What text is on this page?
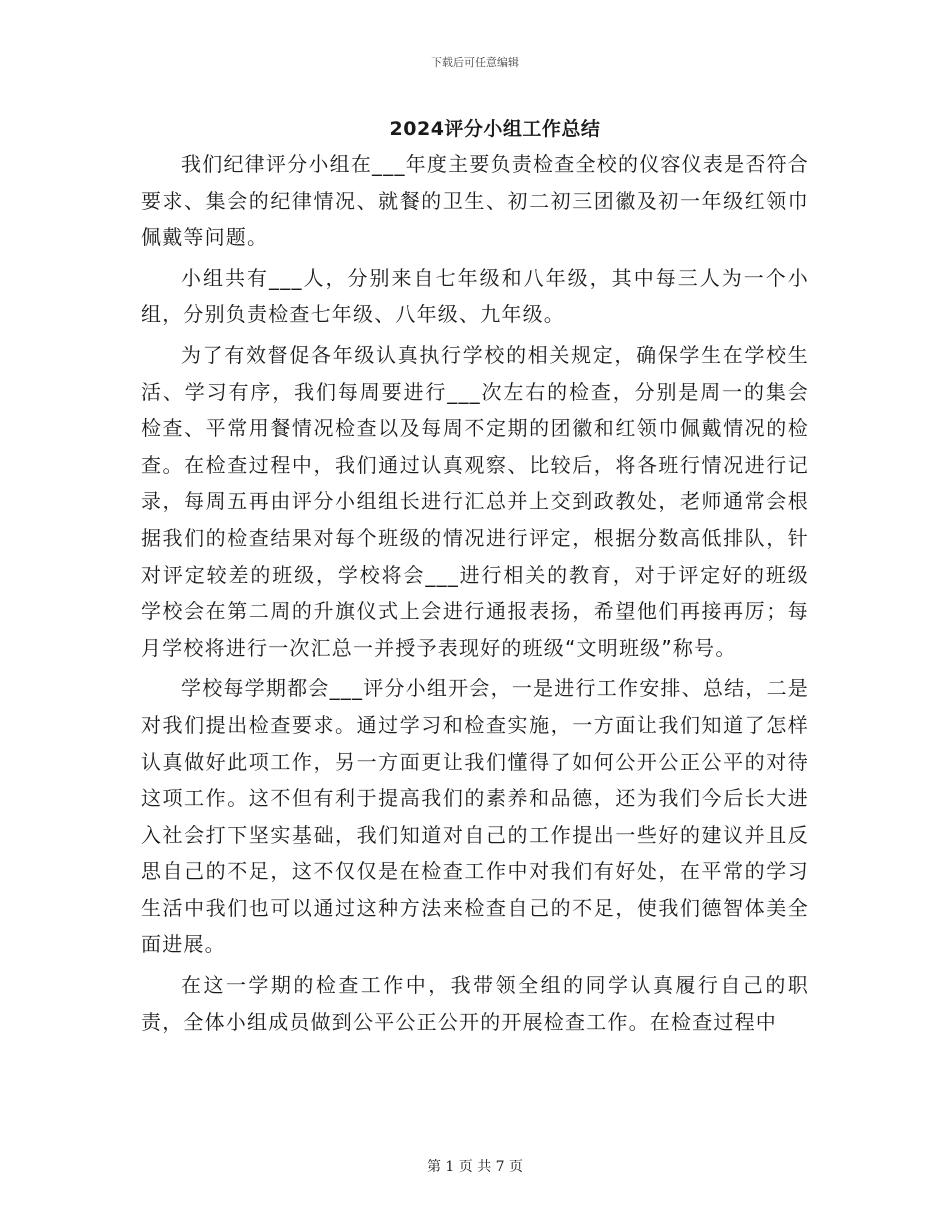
下载后可任意编辑
2024评分小组工作总结

我们纪律评分小组在___年度主要负责检查全校的仪容仪表是否符合要求、集会的纪律情况、就餐的卫生、初二初三团徽及初一年级红领巾佩戴等问题。

小组共有___人，分别来自七年级和八年级，其中每三人为一个小组，分别负责检查七年级、八年级、九年级。

为了有效督促各年级认真执行学校的相关规定，确保学生在学校生活、学习有序，我们每周要进行___次左右的检查，分别是周一的集会检查、平常用餐情况检查以及每周不定期的团徽和红领巾佩戴情况的检查。在检查过程中，我们通过认真观察、比较后，将各班行情况进行记录，每周五再由评分小组组长进行汇总并上交到政教处，老师通常会根据我们的检查结果对每个班级的情况进行评定，根据分数高低排队，针对评定较差的班级，学校将会___进行相关的教育，对于评定好的班级学校会在第二周的升旗仪式上会进行通报表扬，希望他们再接再厉；每月学校将进行一次汇总一并授予表现好的班级“文明班级”称号。

学校每学期都会___评分小组开会，一是进行工作安排、总结，二是对我们提出检查要求。通过学习和检查实施，一方面让我们知道了怎样认真做好此项工作，另一方面更让我们懂得了如何公开公正公平的对待这项工作。这不但有利于提高我们的素养和品德，还为我们今后长大进入社会打下坚实基础，我们知道对自己的工作提出一些好的建议并且反思自己的不足，这不仅仅是在检查工作中对我们有好处，在平常的学习生活中我们也可以通过这种方法来检查自己的不足，使我们德智体美全面进展。

在这一学期的检查工作中，我带领全组的同学认真履行自己的职责，全体小组成员做到公平公正公开的开展检查工作。在检查过程中

第 1 页 共 7 页
